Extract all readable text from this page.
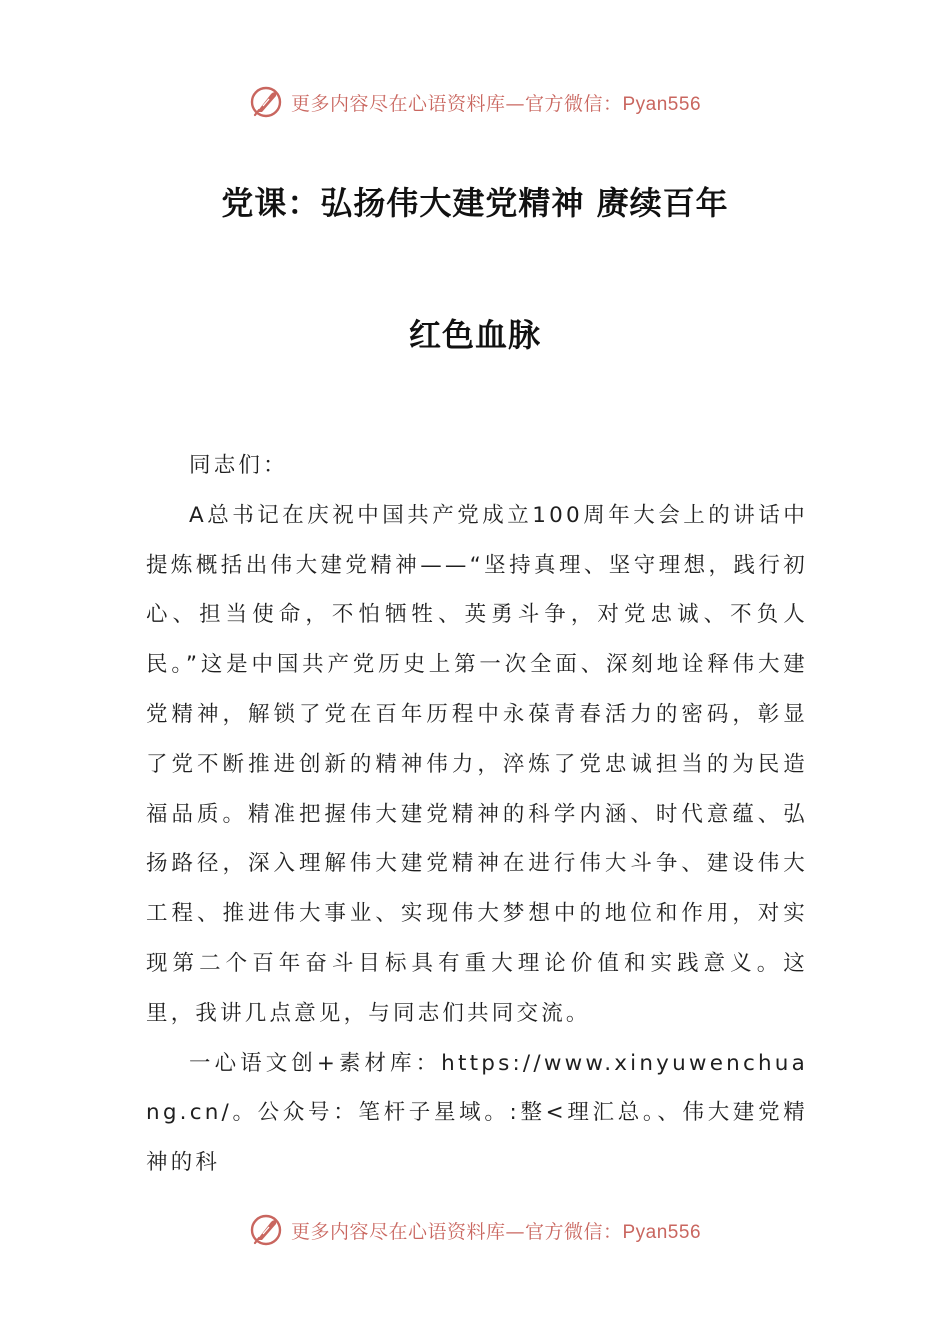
更多内容尽在心语资料库—官方微信：Pyan556
党课：弘扬伟大建党精神 赓续百年
红色血脉

同志们：

A总书记在庆祝中国共产党成立100周年大会上的讲话中提炼概括出伟大建党精神——“坚持真理、坚守理想，践行初心、担当使命，不怕牺牲、英勇斗争，对党忠诚、不负人民。”这是中国共产党历史上第一次全面、深刻地诠释伟大建党精神，解锁了党在百年历程中永葆青春活力的密码，彰显了党不断推进创新的精神伟力，淬炼了党忠诚担当的为民造福品质。精准把握伟大建党精神的科学内涵、时代意蕴、弘扬路径，深入理解伟大建党精神在进行伟大斗争、建设伟大工程、推进伟大事业、实现伟大梦想中的地位和作用，对实现第二个百年奋斗目标具有重大理论价值和实践意义。这里，我讲几点意见，与同志们共同交流。

一心语文创+素材库：https://www.xinyuwenchuang.cn/。公众号：笔杆子星域。:整<理汇总。、伟大建党精神的科

更多内容尽在心语资料库—官方微信：Pyan556
